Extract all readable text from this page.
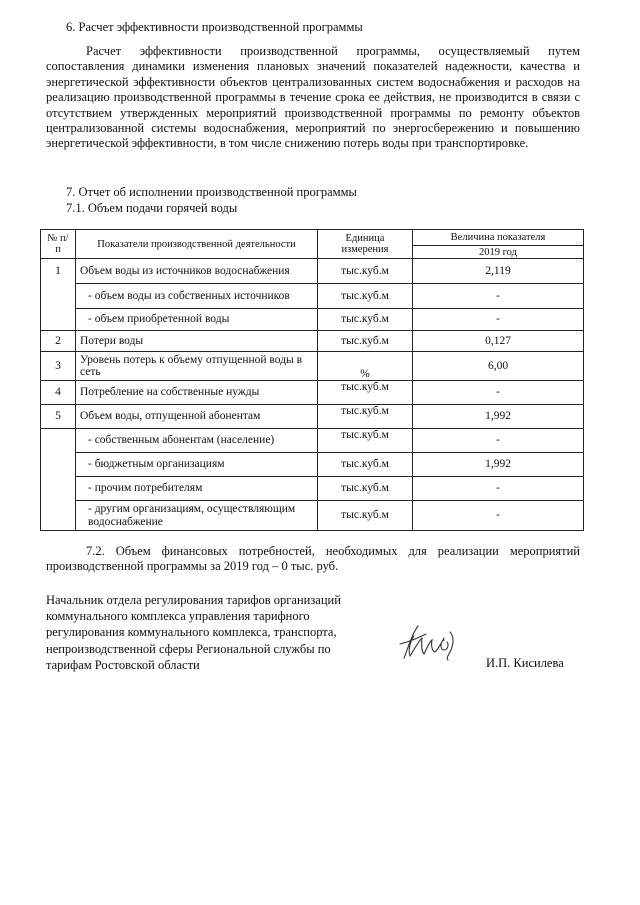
6. Расчет эффективности производственной программы

Расчет эффективности производственной программы, осуществляемый путем сопоставления динамики изменения плановых значений показателей надежности, качества и энергетической эффективности объектов централизованных систем водоснабжения и расходов на реализацию производственной программы в течение срока ее действия, не производится в связи с отсутствием утвержденных мероприятий производственной программы по ремонту объектов централизованной системы водоснабжения, мероприятий по энергосбережению и повышению энергетической эффективности, в том числе снижению потерь воды при транспортировке.

7. Отчет об исполнении производственной программы
7.1. Объем подачи горячей воды
№ п/п	Показатели производственной деятельности	Единица измерения	Величина показателя
			2019 год
1	Объем воды из источников водоснабжения	тыс.куб.м	2,119
	- объем воды из собственных источников	тыс.куб.м	-
	- объем приобретенной воды	тыс.куб.м	-
2	Потери воды	тыс.куб.м	0,127
3	Уровень потерь к объему отпущенной воды в сеть	%	6,00
4	Потребление на собственные нужды	тыс.куб.м	-
5	Объем воды, отпущенной абонентам	тыс.куб.м	1,992
	- собственным абонентам (население)	тыс.куб.м	-
	- бюджетным организациям	тыс.куб.м	1,992
	- прочим потребителям	тыс.куб.м	-
	- другим организациям, осуществляющим водоснабжение	тыс.куб.м	-

7.2. Объем финансовых потребностей, необходимых для реализации мероприятий производственной программы за 2019 год – 0 тыс. руб.

Начальник отдела регулирования тарифов организаций коммунального комплекса управления тарифного регулирования коммунального комплекса, транспорта, непроизводственной сферы Региональной службы по тарифам Ростовской области	И.П. Кисилева
